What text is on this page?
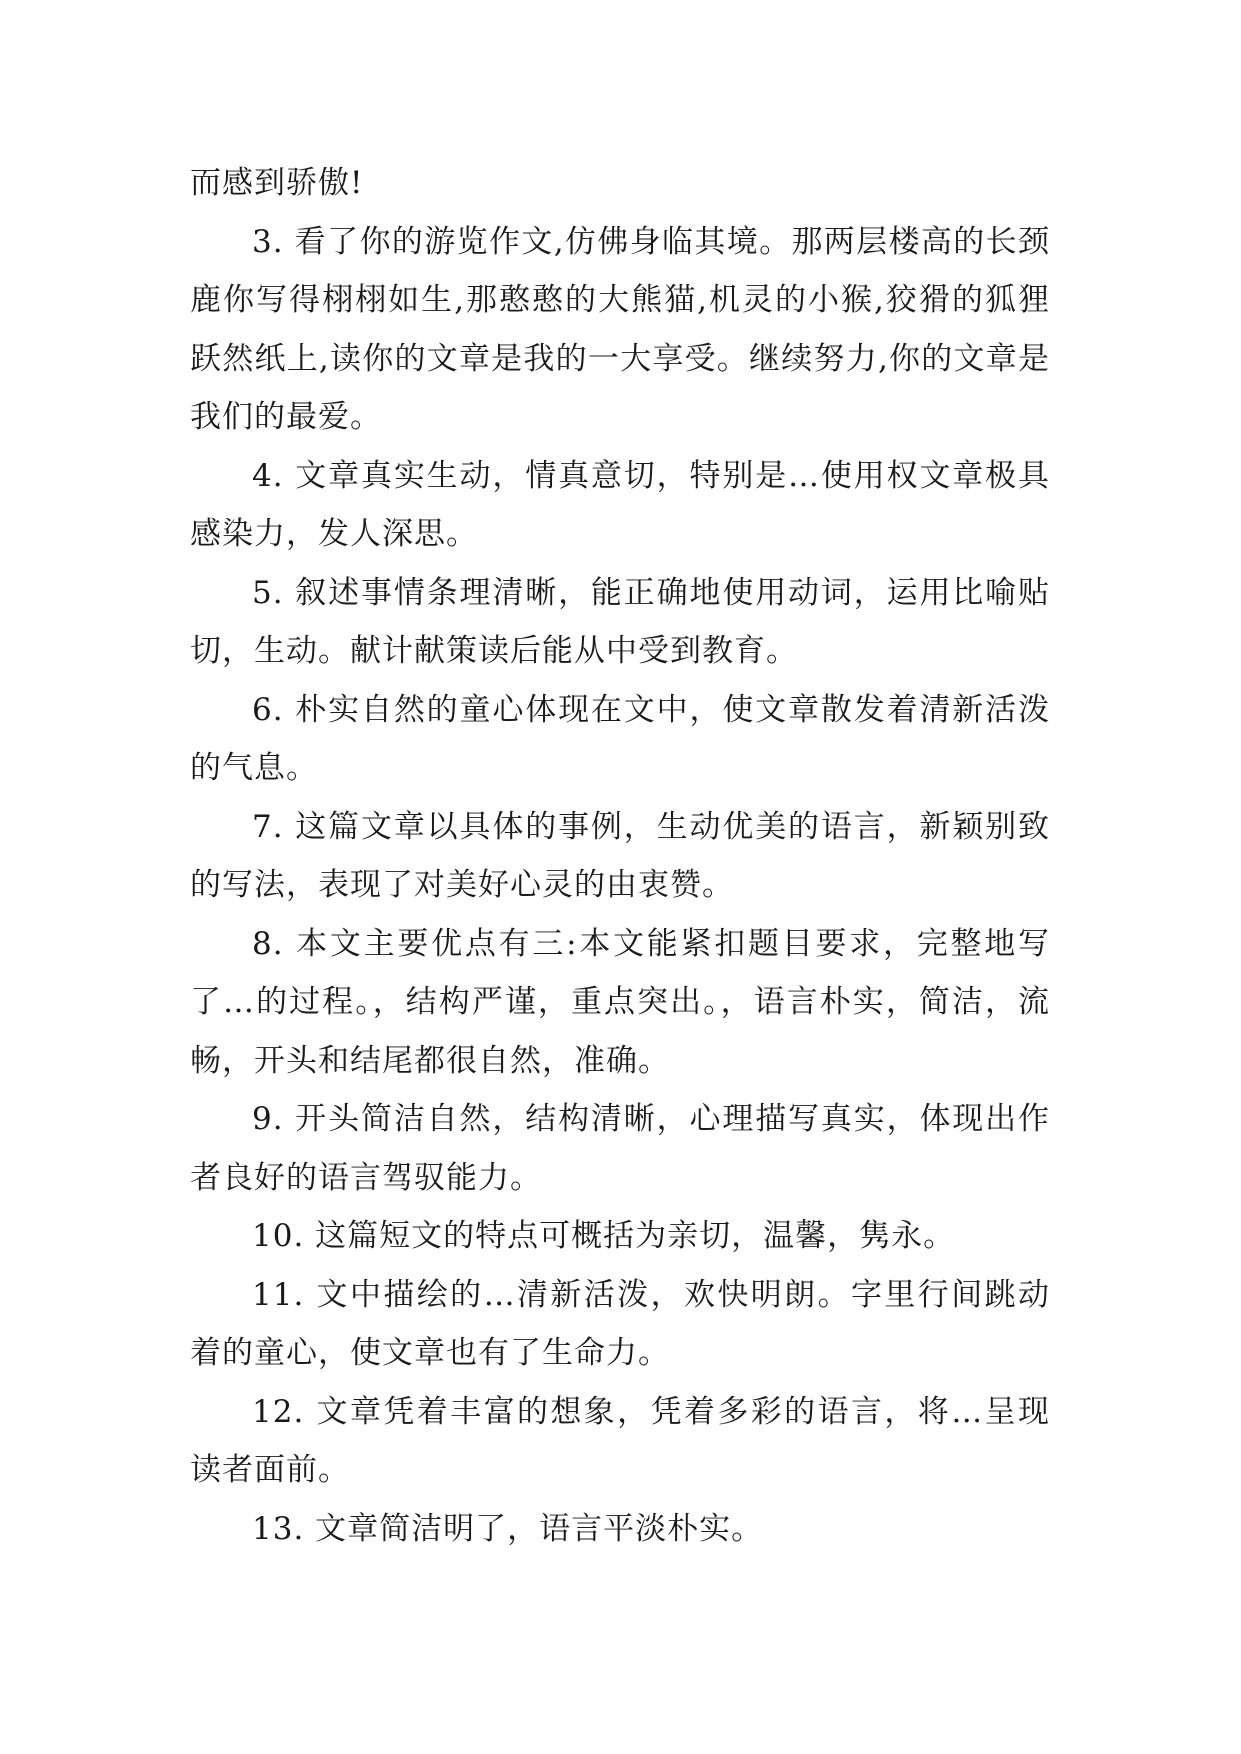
而感到骄傲!

3. 看了你的游览作文,仿佛身临其境。那两层楼高的长颈鹿你写得栩栩如生,那憨憨的大熊猫,机灵的小猴,狡猾的狐狸跃然纸上,读你的文章是我的一大享受。继续努力,你的文章是我们的最爱。

4. 文章真实生动，情真意切，特别是…使用权文章极具感染力，发人深思。

5. 叙述事情条理清晰，能正确地使用动词，运用比喻贴切，生动。献计献策读后能从中受到教育。

6. 朴实自然的童心体现在文中，使文章散发着清新活泼的气息。

7. 这篇文章以具体的事例，生动优美的语言，新颖别致的写法，表现了对美好心灵的由衷赞。

8. 本文主要优点有三:本文能紧扣题目要求，完整地写了…的过程。，结构严谨，重点突出。，语言朴实，简洁，流畅，开头和结尾都很自然，准确。

9. 开头简洁自然，结构清晰，心理描写真实，体现出作者良好的语言驾驭能力。

10. 这篇短文的特点可概括为亲切，温馨，隽永。

11. 文中描绘的…清新活泼，欢快明朗。字里行间跳动着的童心，使文章也有了生命力。

12. 文章凭着丰富的想象，凭着多彩的语言，将…呈现读者面前。

13. 文章简洁明了，语言平淡朴实。
